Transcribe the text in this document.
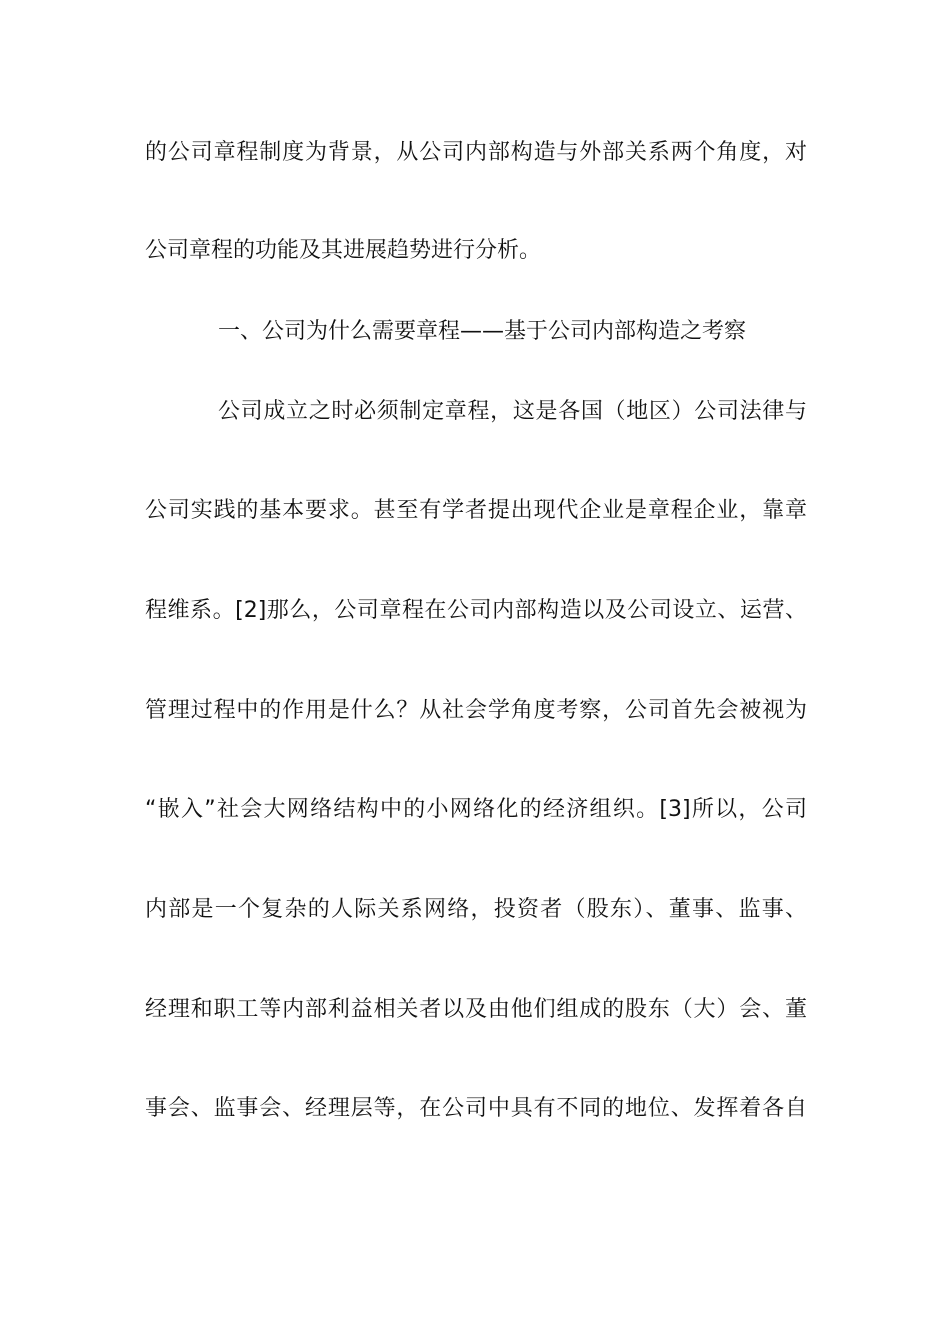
的公司章程制度为背景，从公司内部构造与外部关系两个角度，对
公司章程的功能及其进展趋势进行分析。
一、公司为什么需要章程——基于公司内部构造之考察
公司成立之时必须制定章程，这是各国（地区）公司法律与
公司实践的基本要求。甚至有学者提出现代企业是章程企业，靠章
程维系。[2]那么，公司章程在公司内部构造以及公司设立、运营、
管理过程中的作用是什么？从社会学角度考察，公司首先会被视为
“嵌入”社会大网络结构中的小网络化的经济组织。[3]所以，公司
内部是一个复杂的人际关系网络，投资者（股东）、董事、监事、
经理和职工等内部利益相关者以及由他们组成的股东（大）会、董
事会、监事会、经理层等，在公司中具有不同的地位、发挥着各自
